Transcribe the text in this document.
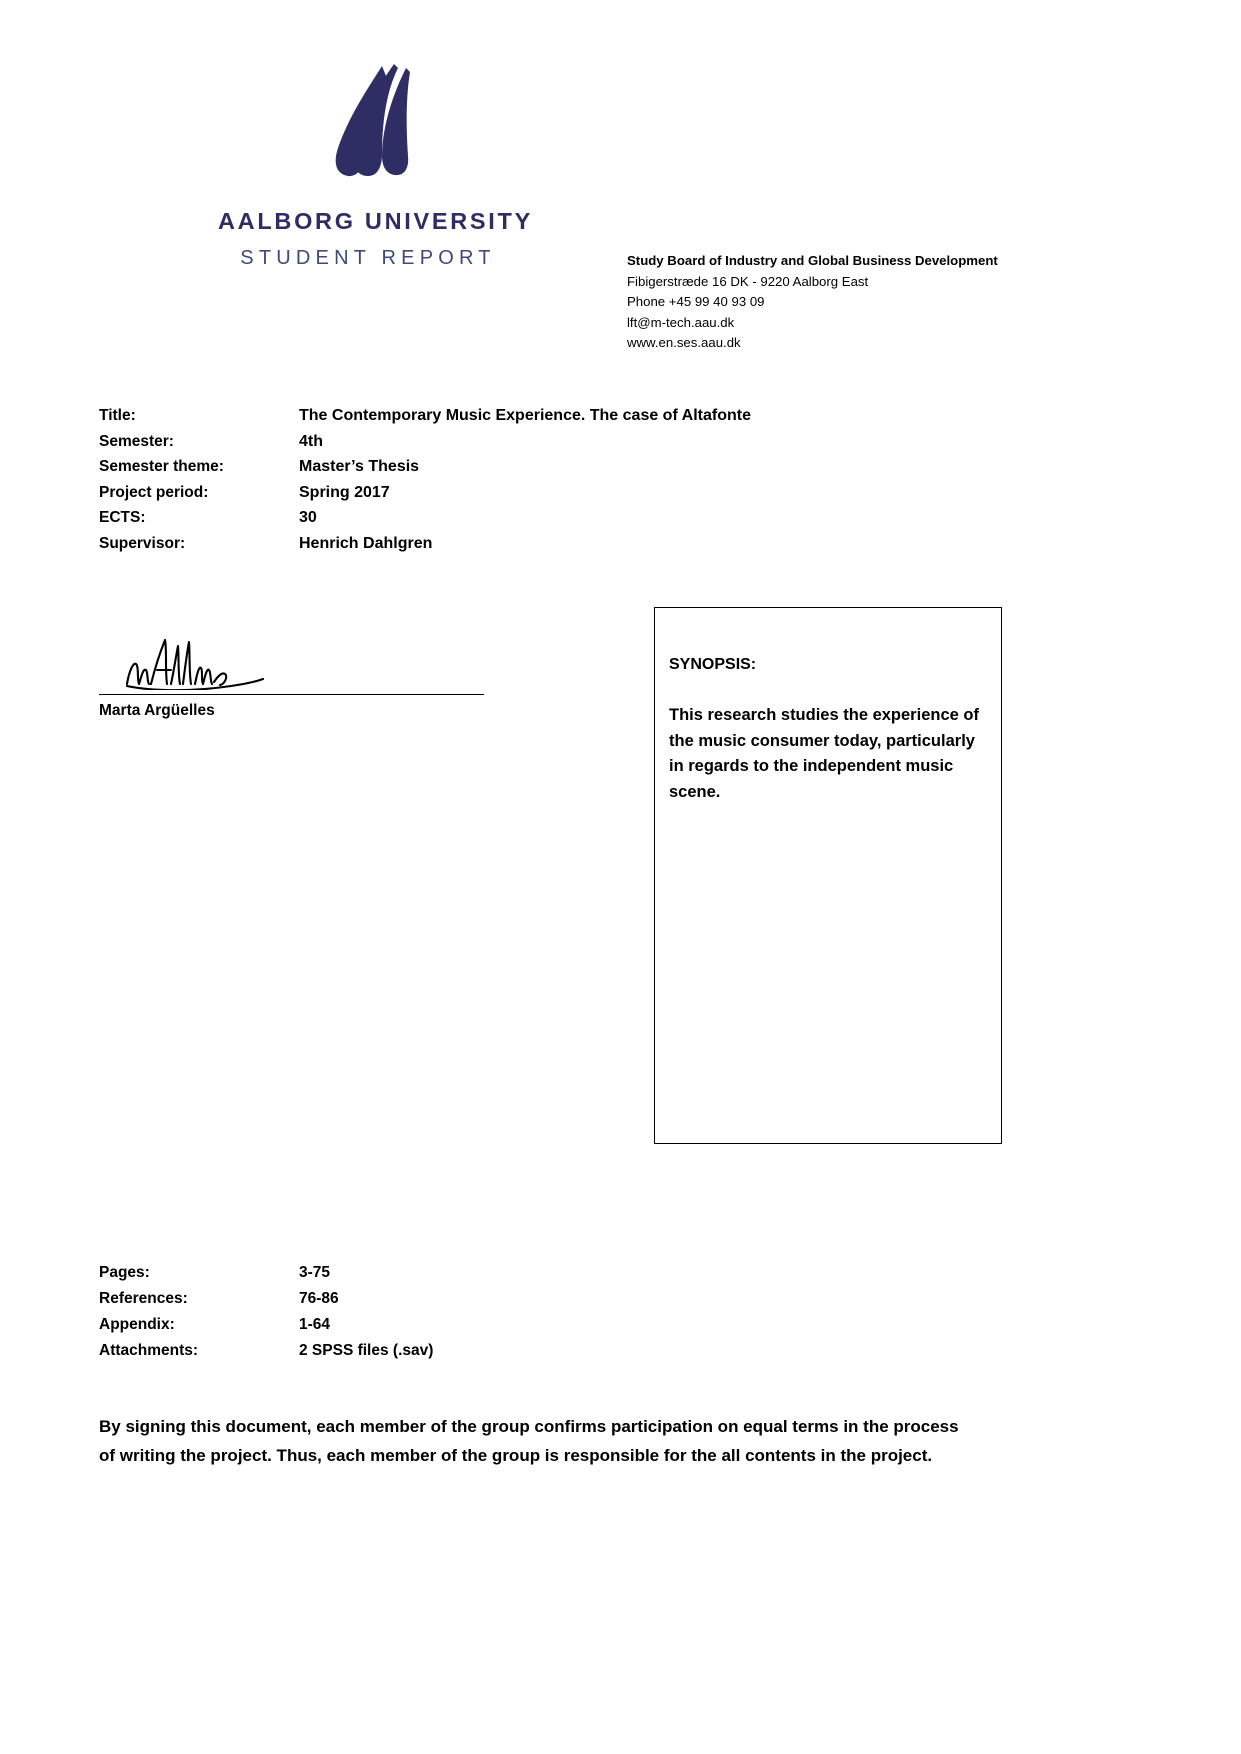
AALBORG UNIVERSITY
STUDENT REPORT	Study Board of Industry and Global Business Development
Fibigerstræde 16 DK - 9220 Aalborg East
Phone +45 99 40 93 09
lft@m-tech.aau.dk
www.en.ses.aau.dk
Title:	The Contemporary Music Experience. The case of Altafonte
Semester:	4th
Semester theme:	Master’s Thesis
Project period:	Spring 2017
ECTS:	30
Supervisor:	Henrich Dahlgren
Marta Argüelles
SYNOPSIS:
This research studies the experience of the music consumer today, particularly in regards to the independent music scene.
Pages:	3-75
References:	76-86
Appendix:	1-64
Attachments:	2 SPSS files (.sav)
By signing this document, each member of the group confirms participation on equal terms in the process of writing the project. Thus, each member of the group is responsible for the all contents in the project.
